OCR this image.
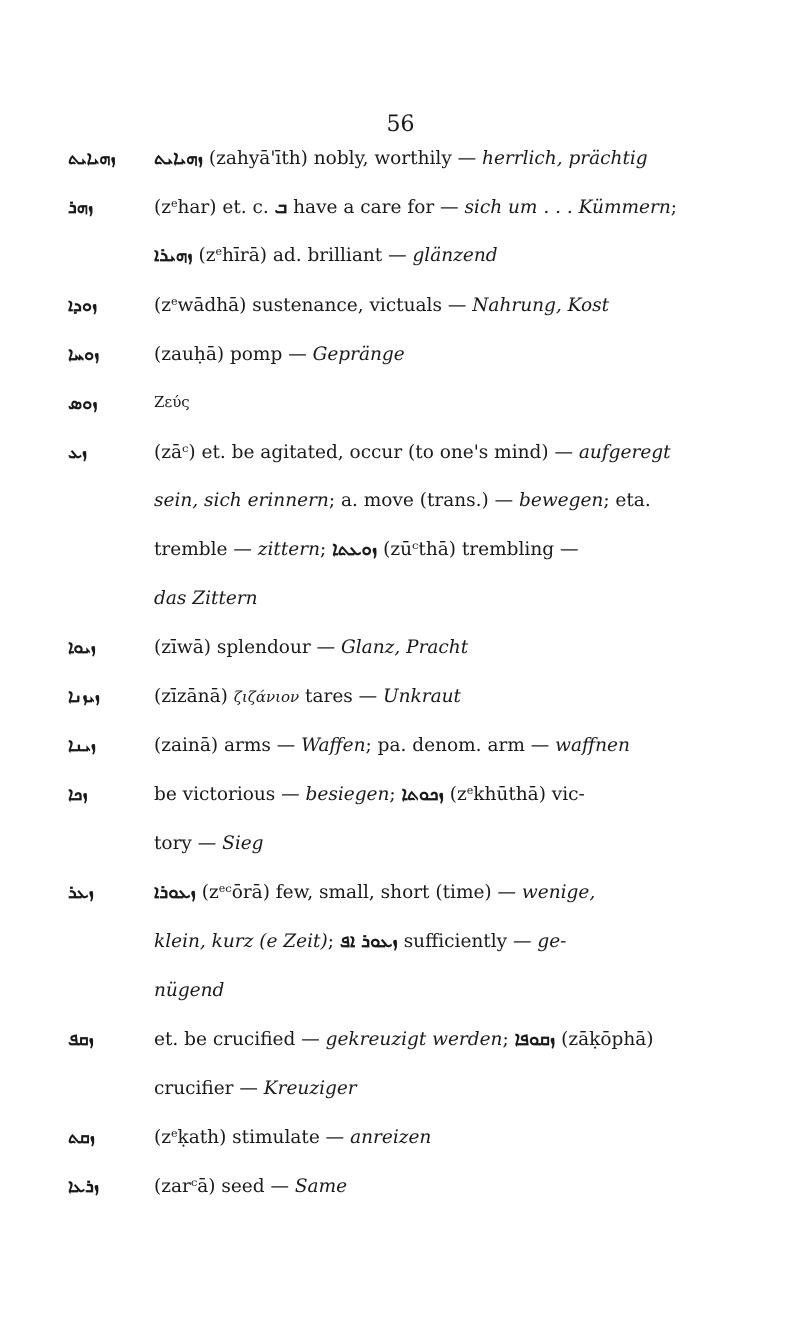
56
ܙܗܝܐܝܬ ܙܗܝܐܝܬ (zahyā'īth) nobly, worthily — herrlich, prächtig
ܙܗܪ	$(z^ehar)$ et. c. ܒ have a care for — sich um . . . Kümmern;
ܙܗܝܪܐ $(z^ehīrā)$ ad. brilliant — glänzend
ܙܘܕܐ	$(z^ewādhā)$ sustenance, victuals — Nahrung, Kost
ܙܘܚܐ	(zauḥā) pomp — Gepränge
ܙܘܣ	Ζεύς
ܙܥ	(zāᶜ) et. be agitated, occur (to one's mind) — aufgeregt
sein, sich erinnern; a. move (trans.) — bewegen; eta.
tremble — zittern; ܙܘܥܬܐ (zūᶜthā) trembling —
das Zittern
ܙܝܘܐ	(zīwā) splendour — Glanz, Pracht
ܙܝܙܢܐ	(zīzānā) ζιζάνιον tares — Unkraut
ܙܝܢܐ	(zainā) arms — Waffen; pa. denom. arm — waffnen
ܙܟܐ	be victorious — besiegen; ܙܟܘܬܐ $(z^ekhūthā)$ vic-
tory — Sieg
ܙܥܪ	ܙܥܘܪܐ $(z^eᶜōrā)$ few, small, short (time) — wenige,
klein, kurz (e Zeit); ܙܥܘܪ ܐܦ sufficiently — ge-
nügend
ܙܩܦ	et. be crucified — gekreuzigt werden; ܙܩܘܦܐ (zāḳōphā)
crucifier — Kreuziger
ܙܩܬ	$(z^eḳath)$ stimulate — anreizen
ܙܪܥܐ	(zarᶜā) seed — Same
